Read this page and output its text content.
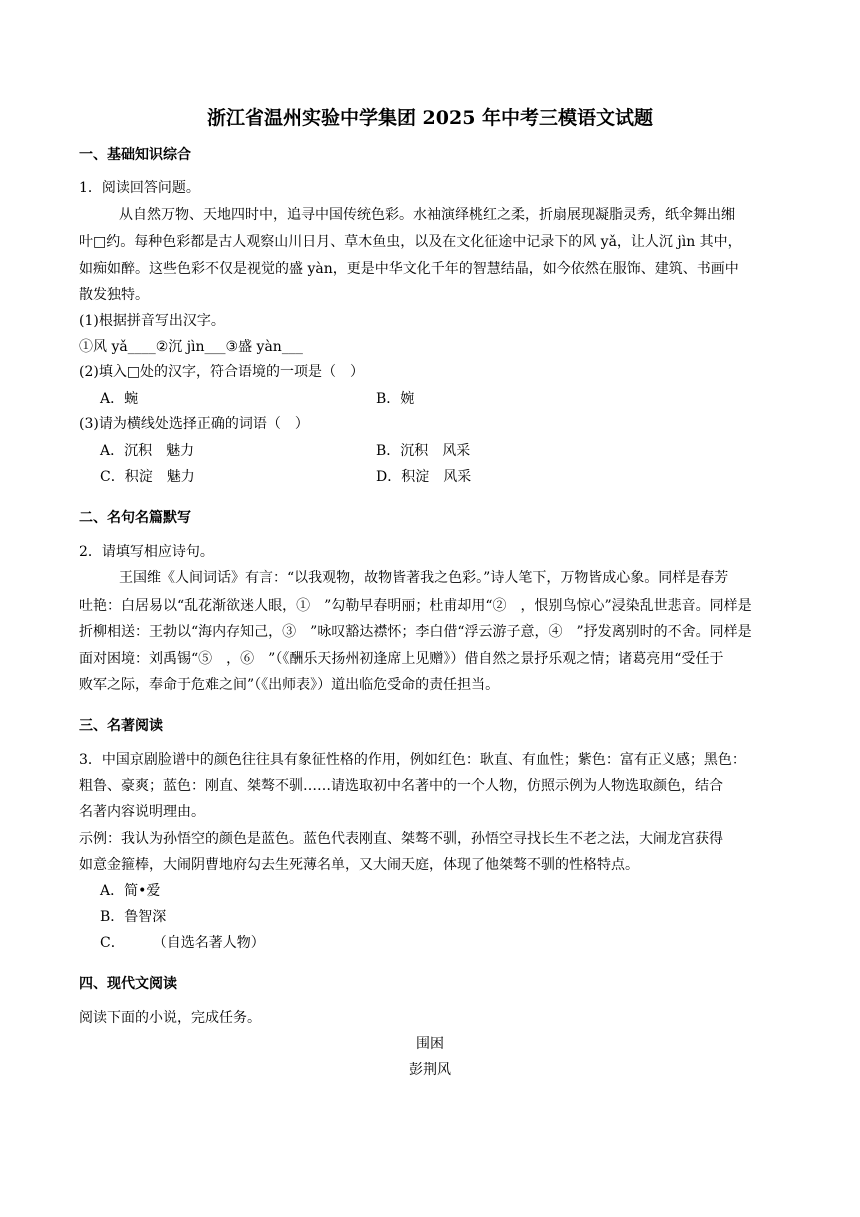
浙江省温州实验中学集团 2025 年中考三模语文试题
一、基础知识综合
1．阅读回答问题。
从自然万物、天地四时中，追寻中国传统色彩。水袖演绎桃红之柔，折扇展现凝脂灵秀，纸伞舞出缃
叶□约。每种色彩都是古人观察山川日月、草木鱼虫，以及在文化征途中记录下的风 yǎ，让人沉 jìn 其中，
如痴如醉。这些色彩不仅是视觉的盛 yàn，更是中华文化千年的智慧结晶，如今依然在服饰、建筑、书画中
散发独特。
(1)根据拼音写出汉字。
①风 yǎ____②沉 jìn___③盛 yàn___
(2)填入□处的汉字，符合语境的一项是（　）
A．蜿	B．婉
(3)请为横线处选择正确的词语（　）
A．沉积　魅力	B．沉积　风采
C．积淀　魅力	D．积淀　风采
二、名句名篇默写
2．请填写相应诗句。
王国维《人间词话》有言：“以我观物，故物皆著我之色彩。”诗人笔下，万物皆成心象。同样是春芳
吐艳：白居易以“乱花渐欲迷人眼，①　”勾勒早春明丽；杜甫却用“②　，恨别鸟惊心”浸染乱世悲音。同样是
折柳相送：王勃以“海内存知己，③　”咏叹豁达襟怀；李白借“浮云游子意，④　”抒发离别时的不舍。同样是
面对困境：刘禹锡“⑤　，⑥　”（《酬乐天扬州初逢席上见赠》）借自然之景抒乐观之情；诸葛亮用“受任于
败军之际，奉命于危难之间”（《出师表》）道出临危受命的责任担当。
三、名著阅读
3．中国京剧脸谱中的颜色往往具有象征性格的作用，例如红色：耿直、有血性；紫色：富有正义感；黑色：
粗鲁、豪爽；蓝色：刚直、桀骜不驯……请选取初中名著中的一个人物，仿照示例为人物选取颜色，结合
名著内容说明理由。
示例：我认为孙悟空的颜色是蓝色。蓝色代表刚直、桀骜不驯，孙悟空寻找长生不老之法，大闹龙宫获得
如意金箍棒，大闹阴曹地府勾去生死薄名单，又大闹天庭，体现了他桀骜不驯的性格特点。
A．简•爱
B．鲁智深
C．　　　（自选名著人物）
四、现代文阅读
阅读下面的小说，完成任务。
围困
彭荆风
